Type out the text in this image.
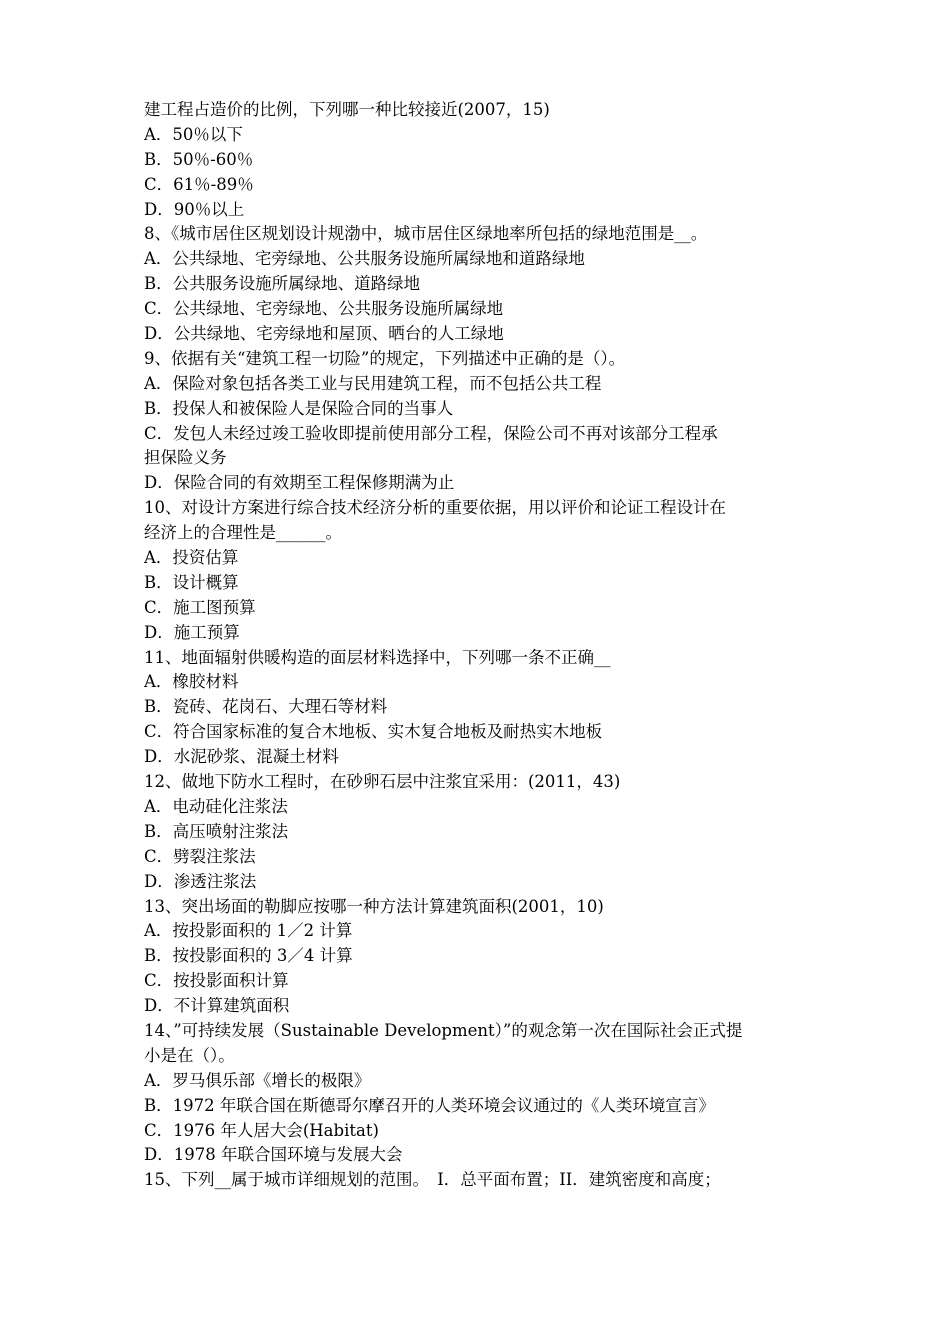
建工程占造价的比例，下列哪一种比较接近(2007，15)
A．50％以下
B．50％-60％
C．61％-89％
D．90％以上
8、《城市居住区规划设计规渤中，城市居住区绿地率所包括的绿地范围是__。
A．公共绿地、宅旁绿地、公共服务设施所属绿地和道路绿地
B．公共服务设施所属绿地、道路绿地
C．公共绿地、宅旁绿地、公共服务设施所属绿地
D．公共绿地、宅旁绿地和屋顶、晒台的人工绿地
9、依据有关“建筑工程一切险”的规定，下列描述中正确的是（）。
A．保险对象包括各类工业与民用建筑工程，而不包括公共工程
B．投保人和被保险人是保险合同的当事人
C．发包人未经过竣工验收即提前使用部分工程，保险公司不再对该部分工程承
担保险义务
D．保险合同的有效期至工程保修期满为止
10、对设计方案进行综合技术经济分析的重要依据，用以评价和论证工程设计在
经济上的合理性是______。
A．投资估算
B．设计概算
C．施工图预算
D．施工预算
11、地面辐射供暖构造的面层材料选择中，下列哪一条不正确__
A．橡胶材料
B．瓷砖、花岗石、大理石等材料
C．符合国家标准的复合木地板、实木复合地板及耐热实木地板
D．水泥砂浆、混凝土材料
12、做地下防水工程时，在砂卵石层中注浆宜采用：(2011，43)
A．电动硅化注浆法
B．高压喷射注浆法
C．劈裂注浆法
D．渗透注浆法
13、突出场面的勒脚应按哪一种方法计算建筑面积(2001，10)
A．按投影面积的 1／2 计算
B．按投影面积的 3／4 计算
C．按投影面积计算
D．不计算建筑面积
14、”可持续发展（Sustainable Development）”的观念第一次在国际社会正式提
小是在（）。
A．罗马俱乐部《增长的极限》
B．1972 年联合国在斯德哥尔摩召开的人类环境会议通过的《人类环境宣言》
C．1976 年人居大会(Habitat)
D．1978 年联合国环境与发展大会
15、下列__属于城市详细规划的范围。　I．总平面布置；II．建筑密度和高度；
